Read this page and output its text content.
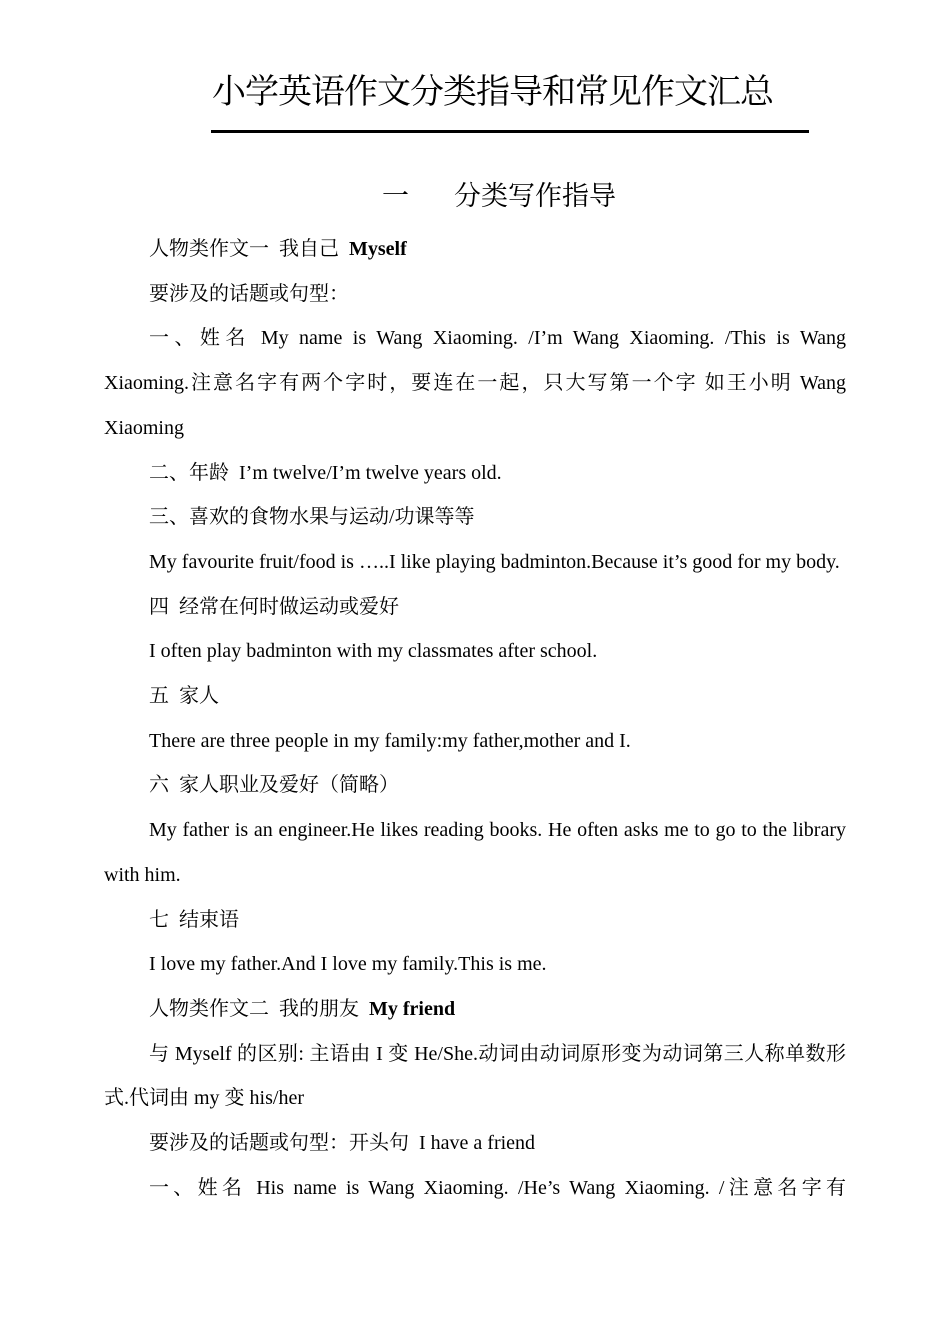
小学英语作文分类指导和常见作文汇总
一 分类写作指导

人物类作文一 我自己 Myself

要涉及的话题或句型：

一、姓名 My name is Wang Xiaoming. /I’m Wang Xiaoming. /This is Wang Xiaoming.注意名字有两个字时，要连在一起，只大写第一个字 如王小明 Wang Xiaoming

二、年龄 I’m twelve/I’m twelve years old.

三、喜欢的食物水果与运动/功课等等

My favourite fruit/food is …..I like playing badminton.Because it’s good for my body.

四 经常在何时做运动或爱好

I often play badminton with my classmates after school.

五 家人

There are three people in my family:my father,mother and I.

六 家人职业及爱好（简略）

My father is an engineer.He likes reading books. He often asks me to go to the library with him.

七 结束语

I love my father.And I love my family.This is me.

人物类作文二 我的朋友 My friend

与 Myself 的区别: 主语由 I 变 He/She.动词由动词原形变为动词第三人称单数形式.代词由 my 变 his/her

要涉及的话题或句型：开头句 I have a friend

一、姓名 His name is Wang Xiaoming. /He’s Wang Xiaoming. /注意名字有
